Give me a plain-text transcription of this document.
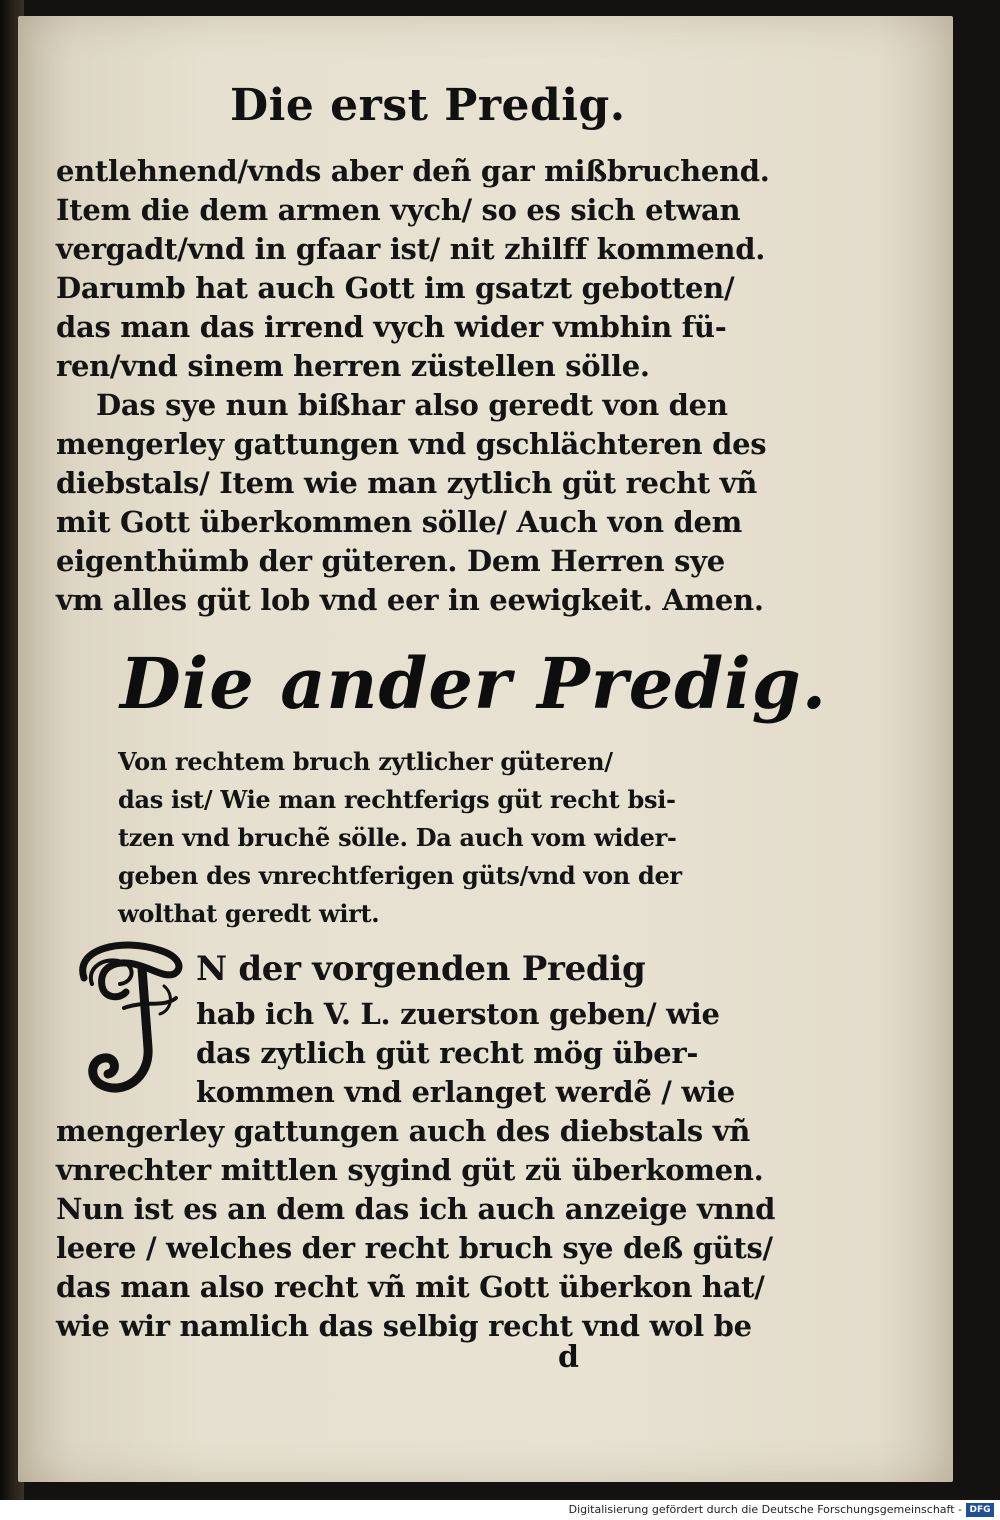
Die erst Predig.
entlehnend/vnds aber deñ gar mißbruchend.
Item die dem armen vych/ so es sich etwan
vergadt/vnd in gfaar ist/ nit zhilff kommend.
Darumb hat auch Gott im gsatzt gebotten/
das man das irrend vych wider vmbhin fü-
ren/vnd sinem herren züstellen sölle.
Das sye nun bißhar also geredt von den
mengerley gattungen vnd gschlächteren des
diebstals/ Item wie man zytlich güt recht vñ
mit Gott überkommen sölle/ Auch von dem
eigenthümb der güteren. Dem Herren sye
vm alles güt lob vnd eer in eewigkeit. Amen.
Die ander Predig.
Von rechtem bruch zytlicher güteren/
das ist/ Wie man rechtferigs güt recht bsi-
tzen vnd bruchẽ sölle. Da auch vom wider-
geben des vnrechtferigen güts/vnd von der
wolthat geredt wirt.
N der vorgenden Predig
hab ich V. L. zuerston geben/ wie
das zytlich güt recht mög über-
kommen vnd erlanget werdẽ / wie
mengerley gattungen auch des diebstals vñ
vnrechter mittlen sygind güt zü überkomen.
Nun ist es an dem das ich auch anzeige vnnd
leere / welches der recht bruch sye deß güts/
das man also recht vñ mit Gott überkon hat/
wie wir namlich das selbig recht vnd wol be
d
Digitalisierung gefördert durch die Deutsche Forschungsgemeinschaft - DFG
